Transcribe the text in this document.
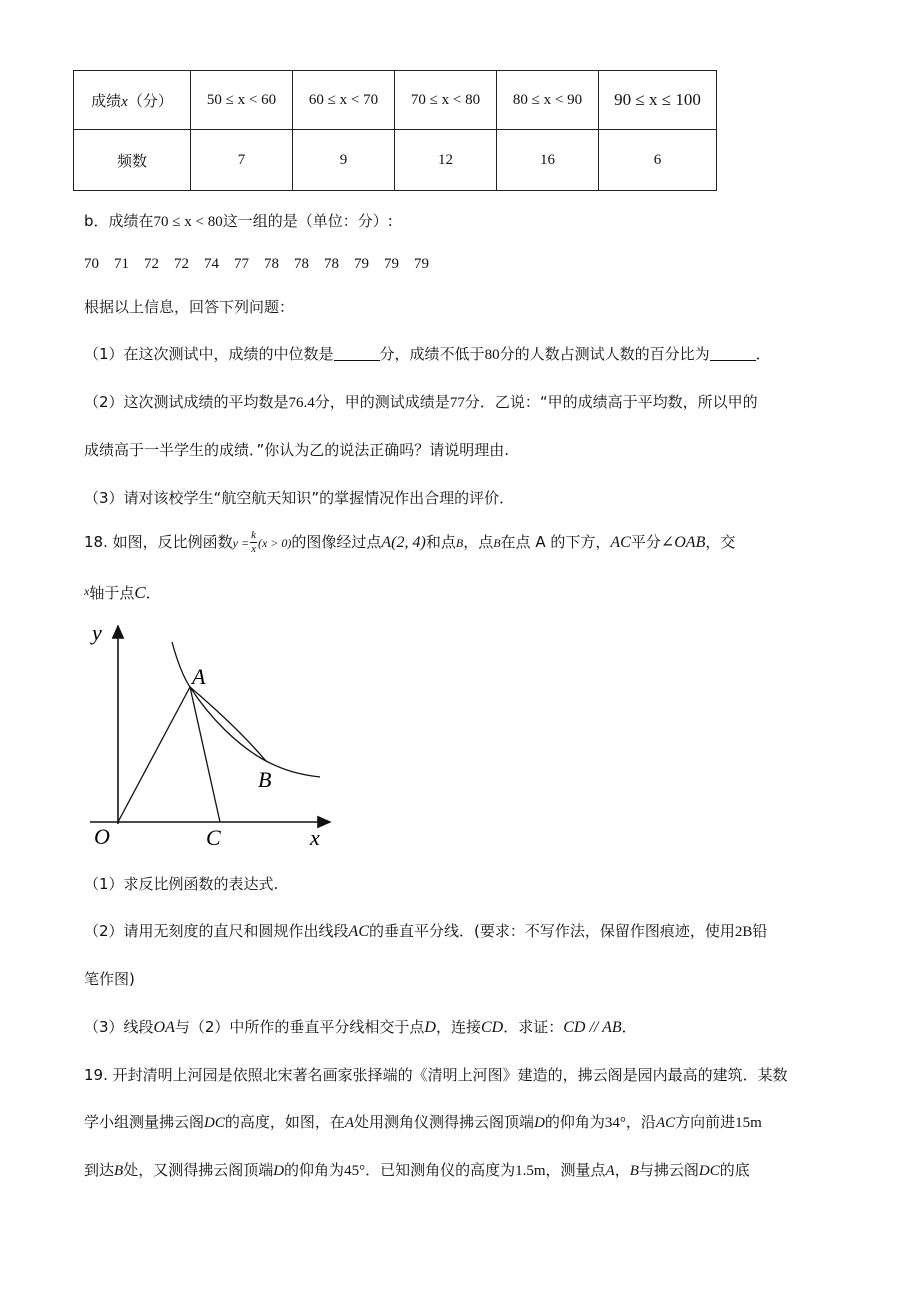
成绩x（分）	50 ≤ x < 60	60 ≤ x < 70	70 ≤ x < 80	80 ≤ x < 90	90 ≤ x ≤ 100
频数	7	9	12	16	6
b．成绩在70 ≤ x < 80这一组的是（单位：分）:
70　71　72　72　74　77　78　78　78　79　79　79
根据以上信息，回答下列问题：
（1）在这次测试中，成绩的中位数是	分，成绩不低于80分的人数占测试人数的百分比为	．
（2）这次测试成绩的平均数是76.4分，甲的测试成绩是77分．乙说：“甲的成绩高于平均数，所以甲的
成绩高于一半学生的成绩．”你认为乙的说法正确吗？请说明理由.
（3）请对该校学生“航空航天知识”的掌握情况作出合理的评价．
18. 如图，反比例函数$y = \frac{k}{x} (x > 0)$的图像经过点A(2, 4)和点B，点B在点 A 的下方，AC平分∠OAB，交
$^x$轴于点C．
y
x
O
A
B
C
（1）求反比例函数的表达式.
（2）请用无刻度的直尺和圆规作出线段AC的垂直平分线．(要求：不写作法，保留作图痕迹，使用2B铅
笔作图)
（3）线段OA与（2）中所作的垂直平分线相交于点D，连接CD．求证：CD // AB．
19. 开封清明上河园是依照北宋著名画家张择端的《清明上河图》建造的，拂云阁是园内最高的建筑．某数
学小组测量拂云阁DC的高度，如图，在A处用测角仪测得拂云阁顶端D的仰角为34°，沿AC方向前进15m
到达B处，又测得拂云阁顶端D的仰角为45°．已知测角仪的高度为1.5m，测量点A，B与拂云阁DC的底
